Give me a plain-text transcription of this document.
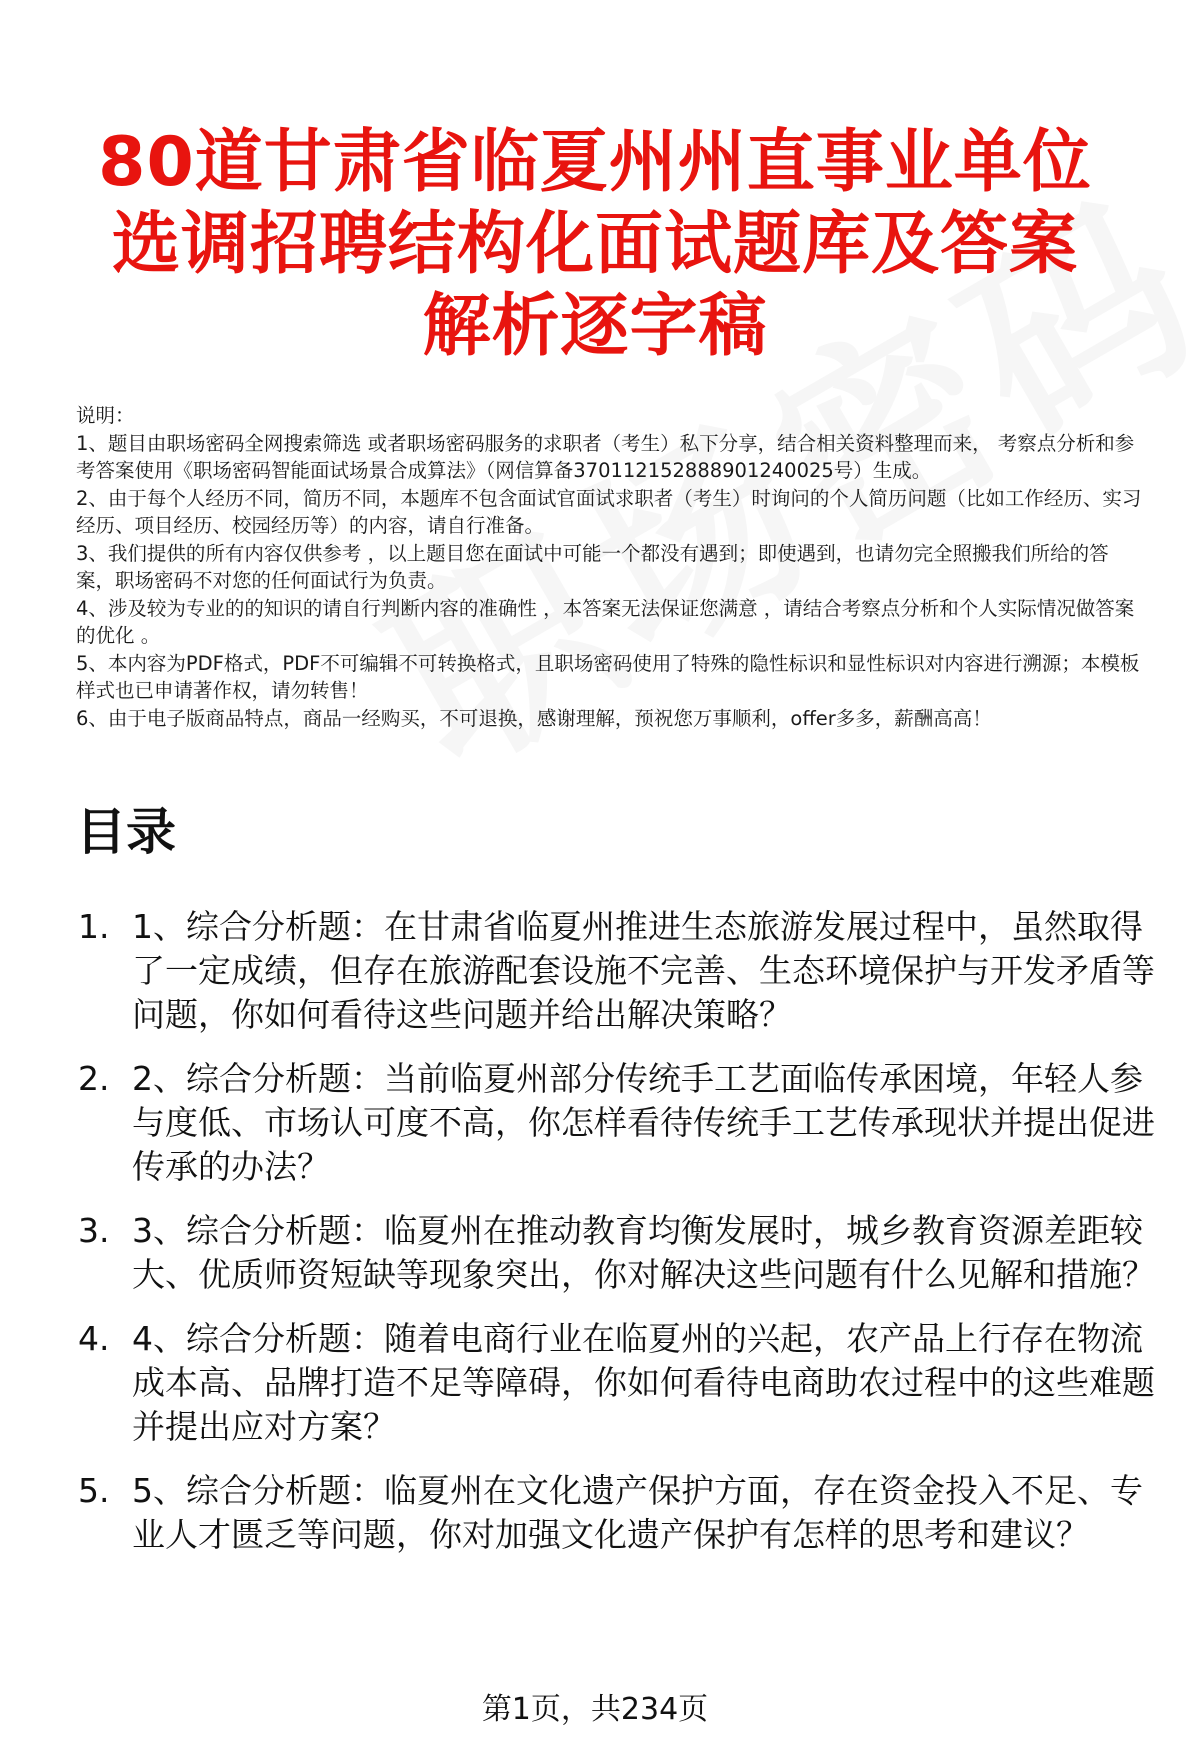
80道甘肃省临夏州州直事业单位选调招聘结构化面试题库及答案解析逐字稿

说明：

1、题目由职场密码全网搜索筛选 或者职场密码服务的求职者（考生）私下分享，结合相关资料整理而来， 考察点分析和参考答案使用《职场密码智能面试场景合成算法》（网信算备370112152888901240025号）生成。

2、由于每个人经历不同，简历不同，本题库不包含面试官面试求职者（考生）时询问的个人简历问题（比如工作经历、实习经历、项目经历、校园经历等）的内容，请自行准备。

3、我们提供的所有内容仅供参考 ，以上题目您在面试中可能一个都没有遇到；即使遇到，也请勿完全照搬我们所给的答案，职场密码不对您的任何面试行为负责。

4、涉及较为专业的的知识的请自行判断内容的准确性 ，本答案无法保证您满意 ，请结合考察点分析和个人实际情况做答案的优化 。

5、本内容为PDF格式，PDF不可编辑不可转换格式，且职场密码使用了特殊的隐性标识和显性标识对内容进行溯源；本模板样式也已申请著作权，请勿转售！

6、由于电子版商品特点，商品一经购买，不可退换，感谢理解，预祝您万事顺利，offer多多，薪酬高高！

目录
1. 1、综合分析题：在甘肃省临夏州推进生态旅游发展过程中，虽然取得了一定成绩，但存在旅游配套设施不完善、生态环境保护与开发矛盾等问题，你如何看待这些问题并给出解决策略？
2. 2、综合分析题：当前临夏州部分传统手工艺面临传承困境，年轻人参与度低、市场认可度不高，你怎样看待传统手工艺传承现状并提出促进传承的办法？
3. 3、综合分析题：临夏州在推动教育均衡发展时，城乡教育资源差距较大、优质师资短缺等现象突出，你对解决这些问题有什么见解和措施？
4. 4、综合分析题：随着电商行业在临夏州的兴起，农产品上行存在物流成本高、品牌打造不足等障碍，你如何看待电商助农过程中的这些难题并提出应对方案？
5. 5、综合分析题：临夏州在文化遗产保护方面，存在资金投入不足、专业人才匮乏等问题，你对加强文化遗产保护有怎样的思考和建议？
第1页，共234页
